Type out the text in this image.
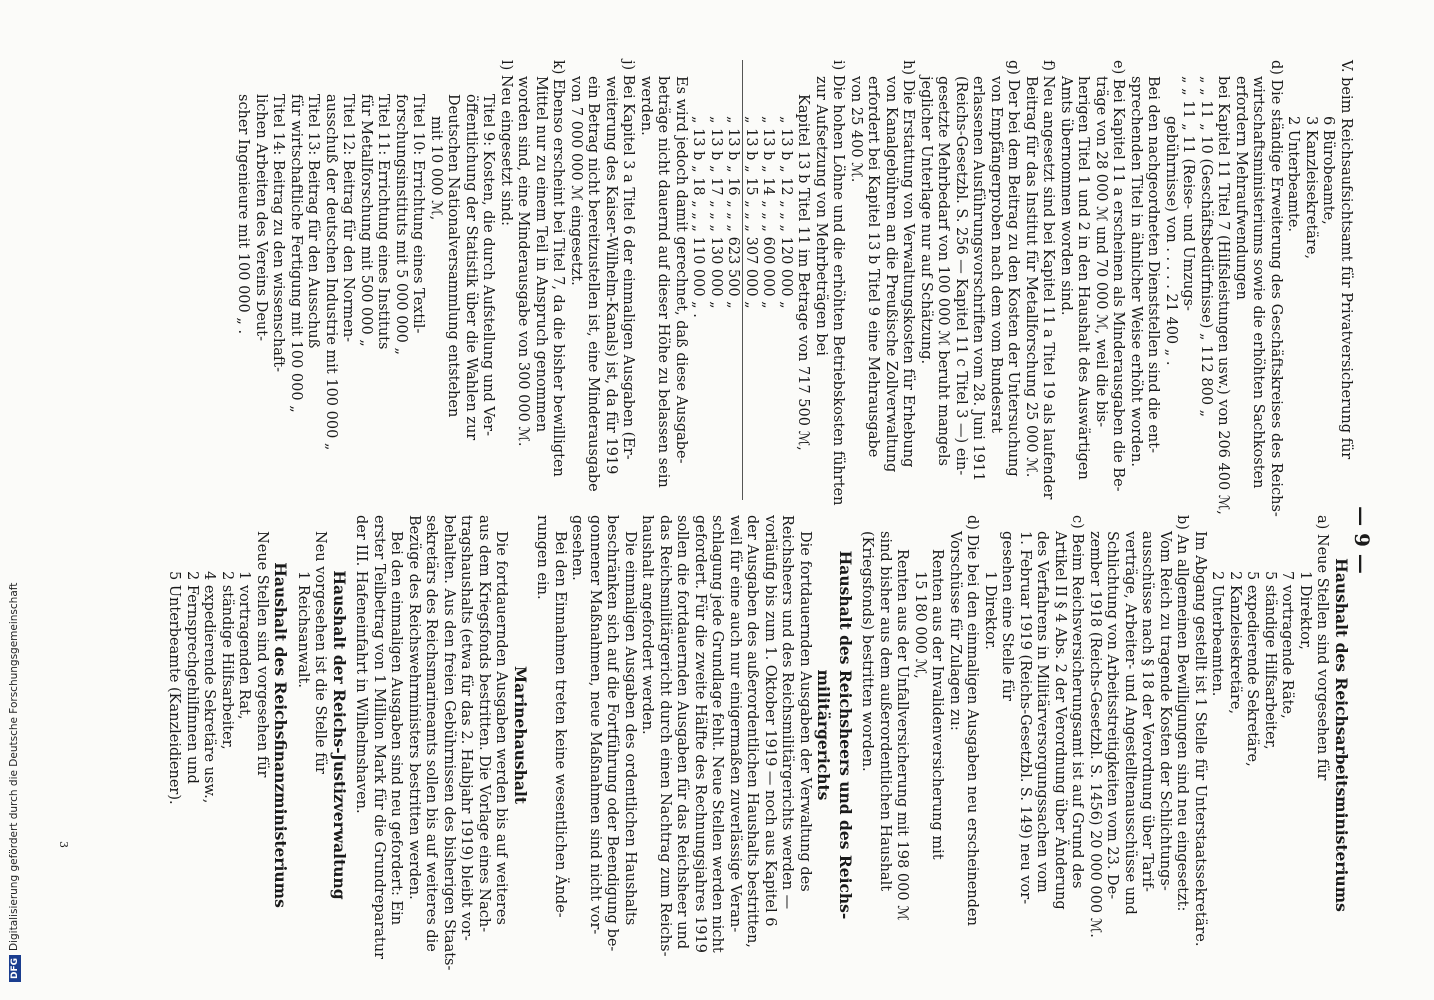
— 9 —
V. beim Reichsaufsichtsamt für Privatversicherung für
6 Bürobeamte,
3 Kanzleisekretäre,
2 Unterbeamte.
d) Die ständige Erweiterung des Geschäftskreises des Reichs-
wirtschaftsministeriums sowie die erhöhten Sachkosten
erfordern Mehraufwendungen
bei Kapitel 11 Titel 7 (Hilfsleistungen usw.) von 206 400 ℳ,
„ „ 11 „ 10 (Geschäftsbedürfnisse) „ 112 800 „
„ „ 11 „ 11 (Reise- und Umzugs-
gebührnisse) von . . . . . 21 400 „ .
Bei den nachgeordneten Dienststellen sind die ent-
sprechenden Titel in ähnlicher Weise erhöht worden.
e) Bei Kapitel 11 a erscheinen als Minderausgaben die Be-
träge von 28 000 ℳ und 70 000 ℳ, weil die bis-
herigen Titel 1 und 2 in den Haushalt des Auswärtigen
Amts übernommen worden sind.
f) Neu angesetzt sind bei Kapitel 11 a Titel 19 als laufender
Beitrag für das Institut für Metallforschung 25 000 ℳ.
g) Der bei dem Beitrag zu den Kosten der Untersuchung
von Empfängerproben nach dem vom Bundesrat
erlassenen Ausführungsvorschriften vom 28. Juni 1911
(Reichs-Gesetzbl. S. 256 — Kapitel 11 c Titel 3 —) ein-
gesetzte Mehrbedarf von 100 000 ℳ beruht mangels
jeglicher Unterlage nur auf Schätzung.
h) Die Erstattung von Verwaltungskosten für Erhebung
von Kanalgebühren an die Preußische Zollverwaltung
erfordert bei Kapitel 13 b Titel 9 eine Mehrausgabe
von 25 400 ℳ.
i) Die hohen Löhne und die erhöhten Betriebskosten führten
zur Aufsetzung von Mehrbeträgen bei
Kapitel 13 b Titel 11 im Betrage von 717 500 ℳ,
„ 13 b „ 12 „ „ „ 120 000 „
„ 13 b „ 14 „ „ „ 600 000 „
„ 13 b „ 15 „ „ „ 307 000 „
„ 13 b „ 16 „ „ „ 623 500 „
„ 13 b „ 17 „ „ „ 130 000 „
„ 13 b „ 18 „ „ „ 110 000 „ .
Es wird jedoch damit gerechnet, daß diese Ausgabe-
beträge nicht dauernd auf dieser Höhe zu belassen sein
werden.
j) Bei Kapitel 3 a Titel 6 der einmaligen Ausgaben (Er-
weiterung des Kaiser-Wilhelm-Kanals) ist, da für 1919
ein Betrag nicht bereitzustellen ist, eine Minderausgabe
von 7 000 000 ℳ eingesetzt.
k) Ebenso erscheint bei Titel 7, da die bisher bewilligten
Mittel nur zu einem Teil in Anspruch genommen
worden sind, eine Minderausgabe von 300 000 ℳ.
l) Neu eingesetzt sind:
Titel 9: Kosten, die durch Aufstellung und Ver-
öffentlichung der Statistik über die Wahlen zur
Deutschen Nationalversammlung entstehen
mit 10 000 ℳ,
Titel 10: Errichtung eines Textil-
forschungsinstituts mit 5 000 000 „
Titel 11: Errichtung eines Instituts
für Metallforschung mit 500 000 „
Titel 12: Beitrag für den Normen-
ausschuß der deutschen Industrie mit 100 000 „
Titel 13: Beitrag für den Ausschuß
für wirtschaftliche Fertigung mit 100 000 „
Titel 14: Beitrag zu den wissenschaft-
lichen Arbeiten des Vereins Deut-
scher Ingenieure mit 100 000 „ .
Haushalt des Reichsarbeitsministeriums
a) Neue Stellen sind vorgesehen für
1 Direktor,
7 vortragende Räte,
5 ständige Hilfsarbeiter,
5 expedierende Sekretäre,
2 Kanzleisekretäre,
2 Unterbeamten.
Im Abgang gestellt ist 1 Stelle für Unterstaatssekretäre.
b) An allgemeinen Bewilligungen sind neu eingesetzt:
Vom Reich zu tragende Kosten der Schlichtungs-
ausschüsse nach § 18 der Verordnung über Tarif-
verträge, Arbeiter- und Angestelltenausschüsse und
Schlichtung von Arbeitsstreitigkeiten vom 23. De-
zember 1918 (Reichs-Gesetzbl. S. 1456) 20 000 000 ℳ.
c) Beim Reichsversicherungsamt ist auf Grund des
Artikel II § 4 Abs. 2 der Verordnung über Änderung
des Verfahrens in Militärversorgungssachen vom
1. Februar 1919 (Reichs-Gesetzbl. S. 149) neu vor-
gesehen eine Stelle für
1 Direktor.
d) Die bei den einmaligen Ausgaben neu erscheinenden
Vorschüsse für Zulagen zu:
Renten aus der Invalidenversicherung mit
15 180 000 ℳ,
Renten aus der Unfallversicherung mit 198 000 ℳ
sind bisher aus dem außerordentlichen Haushalt
(Kriegsfonds) bestritten worden.
Haushalt des Reichsheers und des Reichs-
militärgerichts
Die fortdauernden Ausgaben der Verwaltung des
Reichsheers und des Reichsmilitärgerichts werden —
vorläufig bis zum 1. Oktober 1919 — noch aus Kapitel 6
der Ausgaben des außerordentlichen Haushalts bestritten,
weil für eine auch nur einigermaßen zuverlässige Veran-
schlagung jede Grundlage fehlt. Neue Stellen werden nicht
gefordert. Für die zweite Hälfte des Rechnungsjahres 1919
sollen die fortdauernden Ausgaben für das Reichsheer und
das Reichsmilitärgericht durch einen Nachtrag zum Reichs-
haushalt angefordert werden.
Die einmaligen Ausgaben des ordentlichen Haushalts
beschränken sich auf die Fortführung oder Beendigung be-
gonnener Maßnahmen, neue Maßnahmen sind nicht vor-
gesehen.
Bei den Einnahmen treten keine wesentlichen Ände-
rungen ein.
Marinehaushalt
Die fortdauernden Ausgaben werden bis auf weiteres
aus dem Kriegsfonds bestritten. Die Vorlage eines Nach-
tragshaushalts (etwa für das 2. Halbjahr 1919) bleibt vor-
behalten. Aus den freien Gebührnissen des bisherigen Staats-
sekretärs des Reichsmarineamts sollen bis auf weiteres die
Bezüge des Reichswehrministers bestritten werden.
Bei den einmaligen Ausgaben sind neu gefordert: Ein
erster Teilbetrag von 1 Million Mark für die Grundreparatur
der III. Hafeneinfahrt in Wilhelmshaven.
Haushalt der Reichs-Justizverwaltung
Neu vorgesehen ist die Stelle für
1 Reichsanwalt.
Haushalt des Reichsfinanzministeriums
Neue Stellen sind vorgesehen für
1 vortragenden Rat,
2 ständige Hilfsarbeiter,
4 expedierende Sekretäre usw.,
2 Fernsprechgehilfinnen und
5 Unterbeamte (Kanzleidiener).
DFGDigitalisierung gefördert durch die Deutsche Forschungsgemeinschaft	3
